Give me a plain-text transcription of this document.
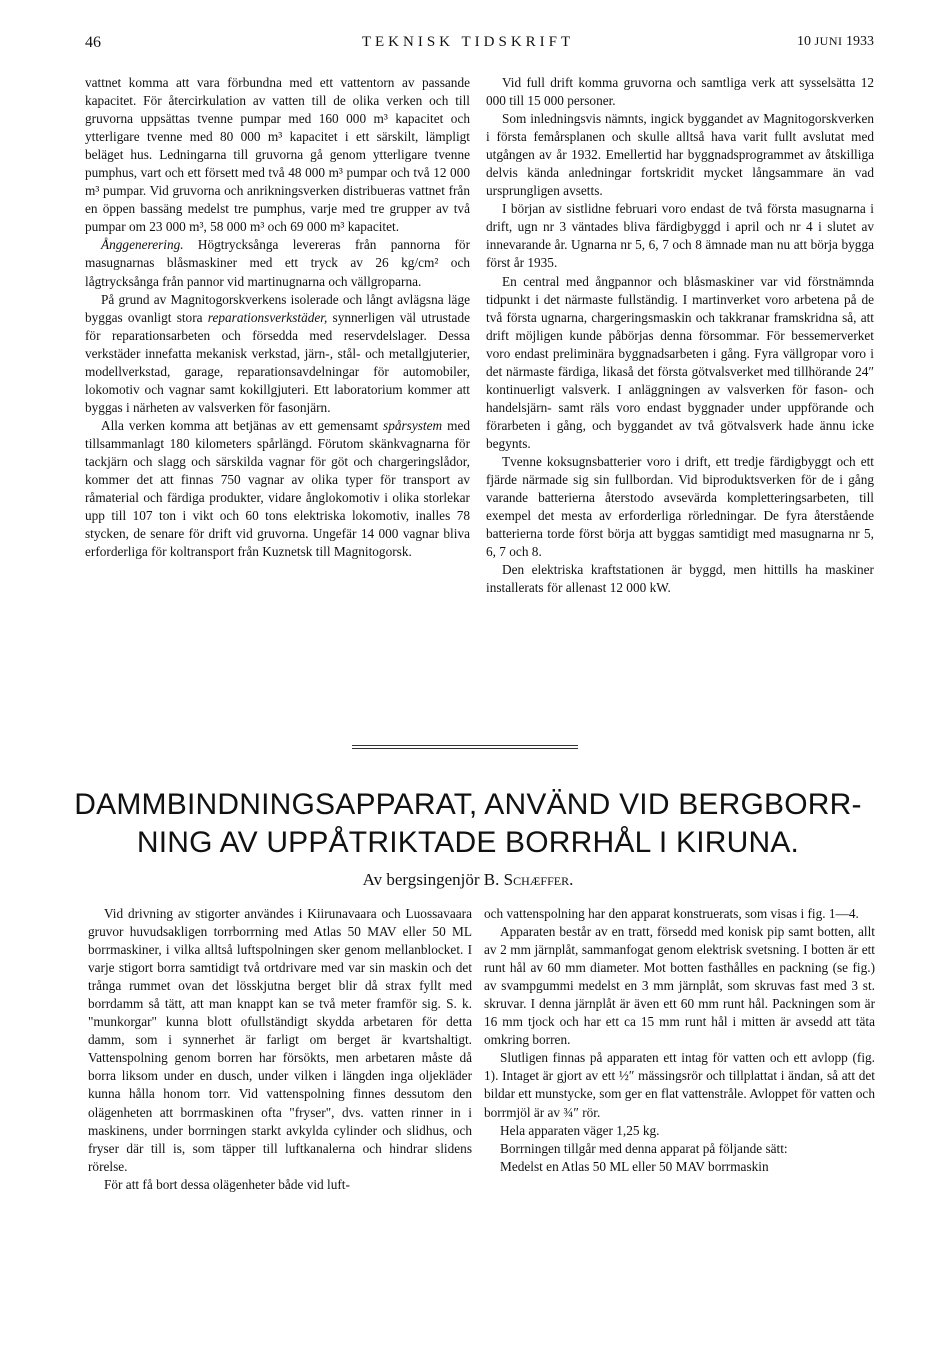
46	TEKNISK TIDSKRIFT	10 JUNI 1933

vattnet komma att vara förbundna med ett vattentorn av passande kapacitet. För återcirkulation av vatten till de olika verken och till gruvorna uppsättas tvenne pumpar med 160 000 m³ kapacitet och ytterligare tvenne med 80 000 m³ kapacitet i ett särskilt, lämpligt beläget hus. Ledningarna till gruvorna gå genom ytterligare tvenne pumphus, vart och ett försett med två 48 000 m³ pumpar och två 12 000 m³ pumpar. Vid gruvorna och anrikningsverken distribueras vattnet från en öppen bassäng medelst tre pumphus, varje med tre grupper av två pumpar om 23 000 m³, 58 000 m³ och 69 000 m³ kapacitet.

Ånggenerering. Högtrycksånga levereras från pannorna för masugnarnas blåsmaskiner med ett tryck av 26 kg/cm² och lågtrycksånga från pannor vid martinugnarna och vällgroparna.

På grund av Magnitogorskverkens isolerade och långt avlägsna läge byggas ovanligt stora reparationsverkstäder, synnerligen väl utrustade för reparationsarbeten och försedda med reservdelslager. Dessa verkstäder innefatta mekanisk verkstad, järn-, stål- och metallgjuterier, modellverkstad, garage, reparationsavdelningar för automobiler, lokomotiv och vagnar samt kokillgjuteri. Ett laboratorium kommer att byggas i närheten av valsverken för fasonjärn.

Alla verken komma att betjänas av ett gemensamt spårsystem med tillsammanlagt 180 kilometers spårlängd. Förutom skänkvagnarna för tackjärn och slagg och särskilda vagnar för göt och chargeringslådor, kommer det att finnas 750 vagnar av olika typer för transport av råmaterial och färdiga produkter, vidare ånglokomotiv i olika storlekar upp till 107 ton i vikt och 60 tons elektriska lokomotiv, inalles 78 stycken, de senare för drift vid gruvorna. Ungefär 14 000 vagnar bliva erforderliga för koltransport från Kuznetsk till Magnitogorsk.

Vid full drift komma gruvorna och samtliga verk att sysselsätta 12 000 till 15 000 personer.

Som inledningsvis nämnts, ingick byggandet av Magnitogorskverken i första femårsplanen och skulle alltså hava varit fullt avslutat med utgången av år 1932. Emellertid har byggnadsprogrammet av åtskilliga delvis kända anledningar fortskridit mycket långsammare än vad ursprungligen avsetts.

I början av sistlidne februari voro endast de två första masugnarna i drift, ugn nr 3 väntades bliva färdigbyggd i april och nr 4 i slutet av innevarande år. Ugnarna nr 5, 6, 7 och 8 ämnade man nu att börja bygga först år 1935.

En central med ångpannor och blåsmaskiner var vid förstnämnda tidpunkt i det närmaste fullständig. I martinverket voro arbetena på de två första ugnarna, chargeringsmaskin och takkranar framskridna så, att drift möjligen kunde påbörjas denna försommar. För bessemerverket voro endast preliminära byggnadsarbeten i gång. Fyra vällgropar voro i det närmaste färdiga, likaså det första götvalsverket med tillhörande 24″ kontinuerligt valsverk. I anläggningen av valsverken för fason- och handelsjärn- samt räls voro endast byggnader under uppförande och förarbeten i gång, och byggandet av två götvalsverk hade ännu icke begynts.

Tvenne koksugnsbatterier voro i drift, ett tredje färdigbyggt och ett fjärde närmade sig sin fullbordan. Vid biproduktsverken för de i gång varande batterierna återstodo avsevärda kompletteringsarbeten, till exempel det mesta av erforderliga rörledningar. De fyra återstående batterierna torde först börja att byggas samtidigt med masugnarna nr 5, 6, 7 och 8.

Den elektriska kraftstationen är byggd, men hittills ha maskiner installerats för allenast 12 000 kW.

DAMMBINDNINGSAPPARAT, ANVÄND VID BERGBORR-
NING AV UPPÅTRIKTADE BORRHÅL I KIRUNA.
Av bergsingenjör B. Schæffer.

Vid drivning av stigorter användes i Kiirunavaara och Luossavaara gruvor huvudsakligen torrborrning med Atlas 50 MAV eller 50 ML borrmaskiner, i vilka alltså luftspolningen sker genom mellanblocket. I varje stigort borra samtidigt två ortdrivare med var sin maskin och det trånga rummet ovan det lösskjutna berget blir då strax fyllt med borrdamm så tätt, att man knappt kan se två meter framför sig. S. k. "munkorgar" kunna blott ofullständigt skydda arbetaren för detta damm, som i synnerhet är farligt om berget är kvartshaltigt. Vattenspolning genom borren har försökts, men arbetaren måste då borra liksom under en dusch, under vilken i längden inga oljekläder kunna hålla honom torr. Vid vattenspolning finnes dessutom den olägenheten att borrmaskinen ofta "fryser", dvs. vatten rinner in i maskinens, under borrningen starkt avkylda cylinder och slidhus, och fryser där till is, som täpper till luftkanalerna och hindrar slidens rörelse.

För att få bort dessa olägenheter både vid luft-

och vattenspolning har den apparat konstruerats, som visas i fig. 1—4.

Apparaten består av en tratt, försedd med konisk pip samt botten, allt av 2 mm järnplåt, sammanfogat genom elektrisk svetsning. I botten är ett runt hål av 60 mm diameter. Mot botten fasthålles en packning (se fig.) av svampgummi medelst en 3 mm järnplåt, som skruvas fast med 3 st. skruvar. I denna järnplåt är även ett 60 mm runt hål. Packningen som är 16 mm tjock och har ett ca 15 mm runt hål i mitten är avsedd att täta omkring borren.

Slutligen finnas på apparaten ett intag för vatten och ett avlopp (fig. 1). Intaget är gjort av ett ½″ mässingsrör och tillplattat i ändan, så att det bildar ett munstycke, som ger en flat vattenstråle. Avloppet för vatten och borrmjöl är av ¾″ rör.

Hela apparaten väger 1,25 kg.

Borrningen tillgår med denna apparat på följande sätt:

Medelst en Atlas 50 ML eller 50 MAV borrmaskin
